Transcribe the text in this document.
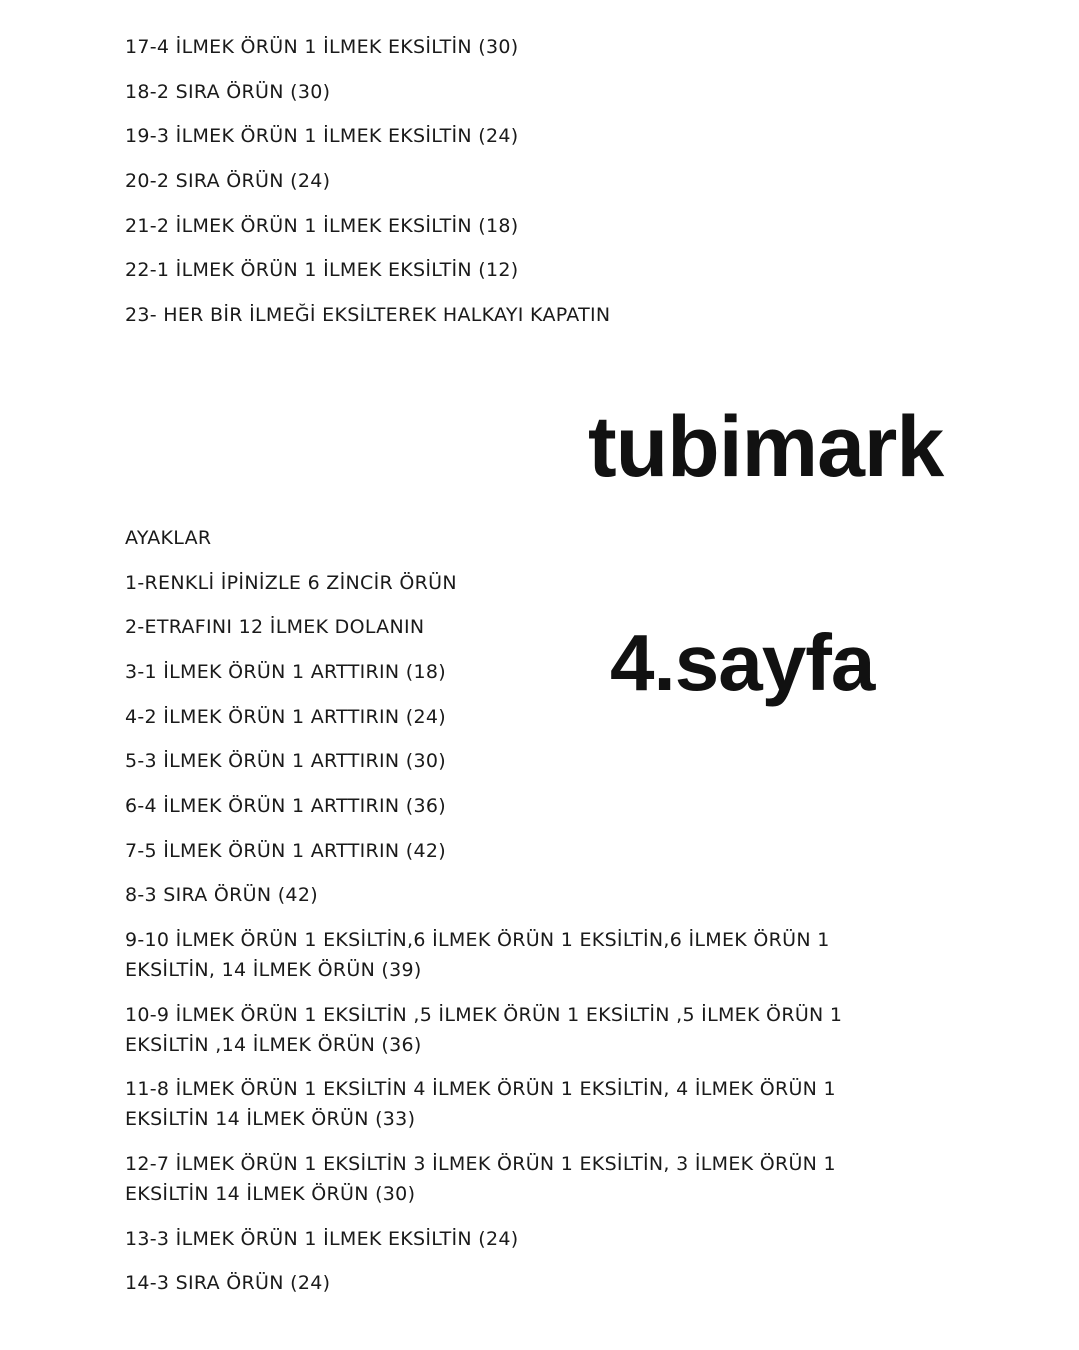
17-4 İLMEK ÖRÜN 1 İLMEK EKSİLTİN (30)
18-2 SIRA ÖRÜN (30)
19-3 İLMEK ÖRÜN 1 İLMEK EKSİLTİN (24)
20-2 SIRA ÖRÜN (24)
21-2 İLMEK ÖRÜN 1 İLMEK EKSİLTİN (18)
22-1 İLMEK ÖRÜN 1 İLMEK EKSİLTİN (12)
23- HER BİR İLMEĞİ EKSİLTEREK HALKAYI KAPATIN
tubimark
4.sayfa
AYAKLAR
1-RENKLİ İPİNİZLE 6 ZİNCİR ÖRÜN
2-ETRAFINI 12 İLMEK DOLANIN
3-1 İLMEK ÖRÜN 1 ARTTIRIN (18)
4-2 İLMEK ÖRÜN 1 ARTTIRIN (24)
5-3 İLMEK ÖRÜN 1 ARTTIRIN (30)
6-4 İLMEK ÖRÜN 1 ARTTIRIN (36)
7-5 İLMEK ÖRÜN 1 ARTTIRIN (42)
8-3 SIRA ÖRÜN (42)
9-10 İLMEK ÖRÜN 1 EKSİLTİN,6 İLMEK ÖRÜN 1 EKSİLTİN,6 İLMEK ÖRÜN 1 EKSİLTİN, 14 İLMEK ÖRÜN (39)
10-9 İLMEK ÖRÜN 1 EKSİLTİN ,5 İLMEK ÖRÜN 1 EKSİLTİN ,5 İLMEK ÖRÜN 1 EKSİLTİN ,14 İLMEK ÖRÜN (36)
11-8 İLMEK ÖRÜN 1 EKSİLTİN 4 İLMEK ÖRÜN 1 EKSİLTİN, 4 İLMEK ÖRÜN 1 EKSİLTİN 14 İLMEK ÖRÜN (33)
12-7 İLMEK ÖRÜN 1 EKSİLTİN 3 İLMEK ÖRÜN 1 EKSİLTİN, 3 İLMEK ÖRÜN 1 EKSİLTİN 14 İLMEK ÖRÜN (30)
13-3 İLMEK ÖRÜN 1 İLMEK EKSİLTİN (24)
14-3 SIRA ÖRÜN (24)
